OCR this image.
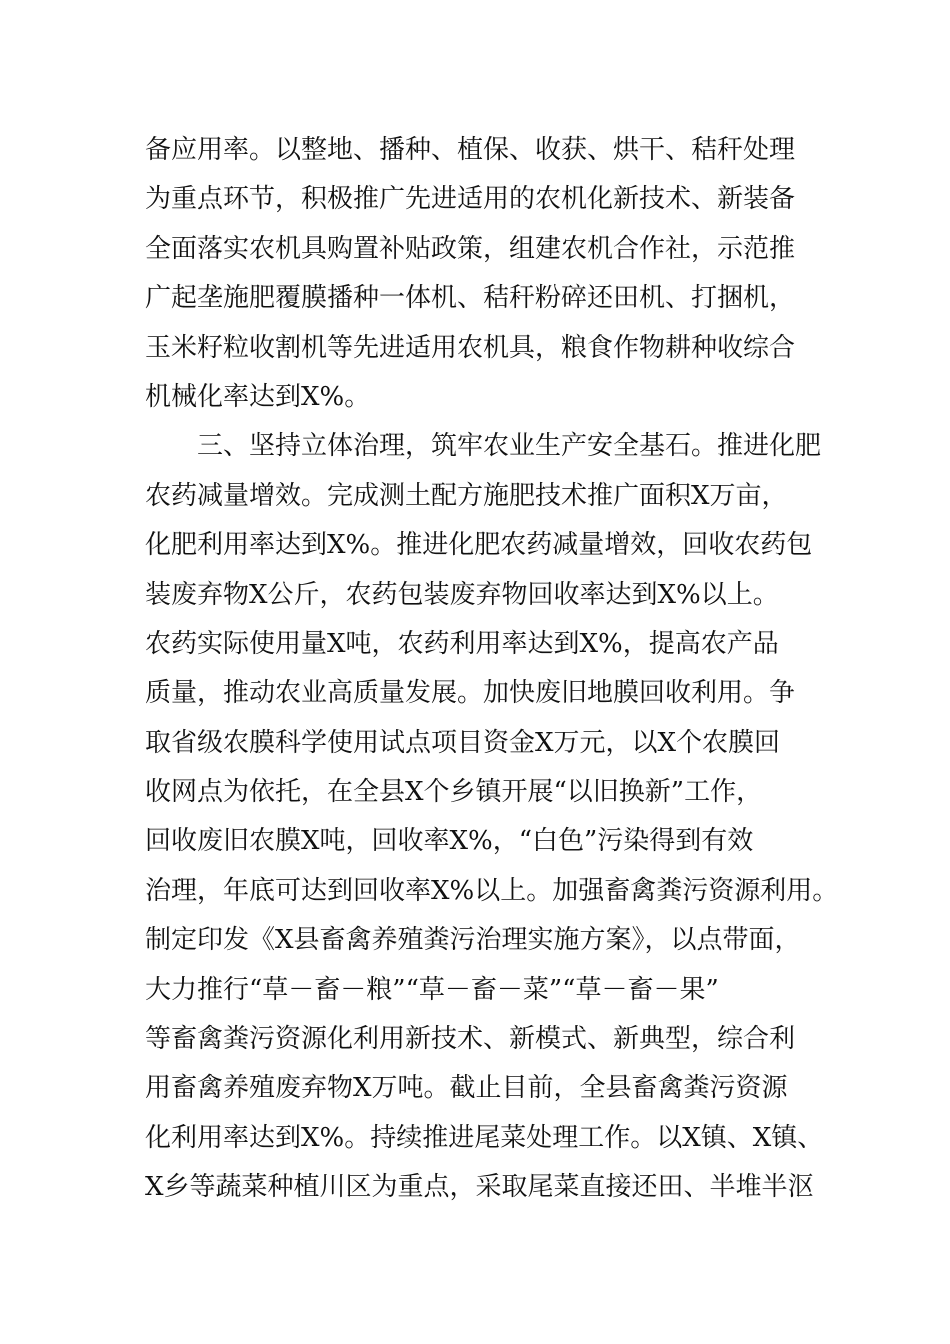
备应用率。以整地、播种、植保、收获、烘干、秸秆处理
为重点环节，积极推广先进适用的农机化新技术、新装备
全面落实农机具购置补贴政策，组建农机合作社，示范推
广起垄施肥覆膜播种一体机、秸秆粉碎还田机、打捆机，
玉米籽粒收割机等先进适用农机具，粮食作物耕种收综合
机械化率达到X%。
　　三、坚持立体治理，筑牢农业生产安全基石。推进化肥
农药减量增效。完成测土配方施肥技术推广面积X万亩，
化肥利用率达到X%。推进化肥农药减量增效，回收农药包
装废弃物X公斤，农药包装废弃物回收率达到X%以上。
农药实际使用量X吨，农药利用率达到X%，提高农产品
质量，推动农业高质量发展。加快废旧地膜回收利用。争
取省级农膜科学使用试点项目资金X万元，以X个农膜回
收网点为依托，在全县X个乡镇开展“以旧换新”工作，
回收废旧农膜X吨，回收率X%，“白色”污染得到有效
治理，年底可达到回收率X%以上。加强畜禽粪污资源利用。
制定印发《X县畜禽养殖粪污治理实施方案》，以点带面，
大力推行“草－畜－粮”“草－畜－菜”“草－畜－果”
等畜禽粪污资源化利用新技术、新模式、新典型，综合利
用畜禽养殖废弃物X万吨。截止目前，全县畜禽粪污资源
化利用率达到X%。持续推进尾菜处理工作。以X镇、X镇、
X乡等蔬菜种植川区为重点，采取尾菜直接还田、半堆半沤
